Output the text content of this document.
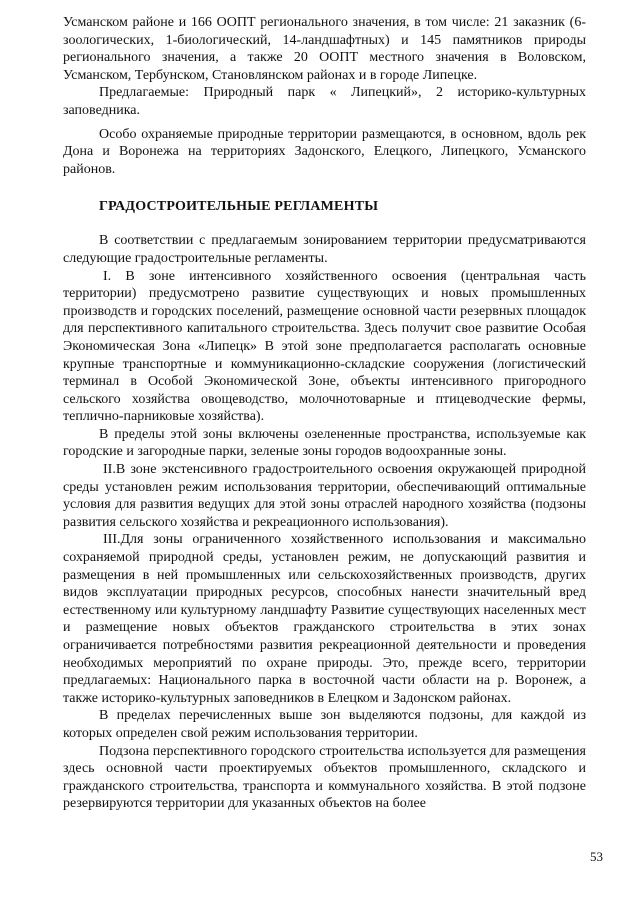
Усманском районе и 166 ООПТ регионального значения, в том числе: 21 заказник (6-зоологических, 1-биологический, 14-ландшафтных) и 145 памятников природы регионального значения, а также 20 ООПТ местного значения в Воловском, Усманском, Тербунском, Становлянском районах и в городе Липецке.

Предлагаемые: Природный парк « Липецкий», 2 историко-культурных заповедника.

Особо охраняемые природные территории размещаются, в основном, вдоль рек Дона и Воронежа на территориях Задонского, Елецкого, Липецкого, Усманского районов.

ГРАДОСТРОИТЕЛЬНЫЕ РЕГЛАМЕНТЫ

В соответствии с предлагаемым зонированием территории предусматриваются следующие градостроительные регламенты.

I. В зоне интенсивного хозяйственного освоения (центральная часть территории) предусмотрено развитие существующих и новых промышленных производств и городских поселений, размещение основной части резервных площадок для перспективного капитального строительства. Здесь получит свое развитие Особая Экономическая Зона «Липецк» В этой зоне предполагается располагать основные крупные транспортные и коммуникационно-складские сооружения (логистический терминал в Особой Экономической Зоне, объекты интенсивного пригородного сельского хозяйства овощеводство, молочнотоварные и птицеводческие фермы, теплично-парниковые хозяйства).

В пределы этой зоны включены озелененные пространства, используемые как городские и загородные парки, зеленые зоны городов водоохранные зоны.

II.В зоне экстенсивного градостроительного освоения окружающей природной среды установлен режим использования территории, обеспечивающий оптимальные условия для развития ведущих для этой зоны отраслей народного хозяйства (подзоны развития сельского хозяйства и рекреационного использования).

III.Для зоны ограниченного хозяйственного использования и максимально сохраняемой природной среды, установлен режим, не допускающий развития и размещения в ней промышленных или сельскохозяйственных производств, других видов эксплуатации природных ресурсов, способных нанести значительный вред естественному или культурному ландшафту Развитие существующих населенных мест и размещение новых объектов гражданского строительства в этих зонах ограничивается потребностями развития рекреационной деятельности и проведения необходимых мероприятий по охране природы. Это, прежде всего, территории предлагаемых: Национального парка в восточной части области на р. Воронеж, а также историко-культурных заповедников в Елецком и Задонском районах.

В пределах перечисленных выше зон выделяются подзоны, для каждой из которых определен свой режим использования территории.

Подзона перспективного городского строительства используется для размещения здесь основной части проектируемых объектов промышленного, складского и гражданского строительства, транспорта и коммунального хозяйства. В этой подзоне резервируются территории для указанных объектов на более

53
